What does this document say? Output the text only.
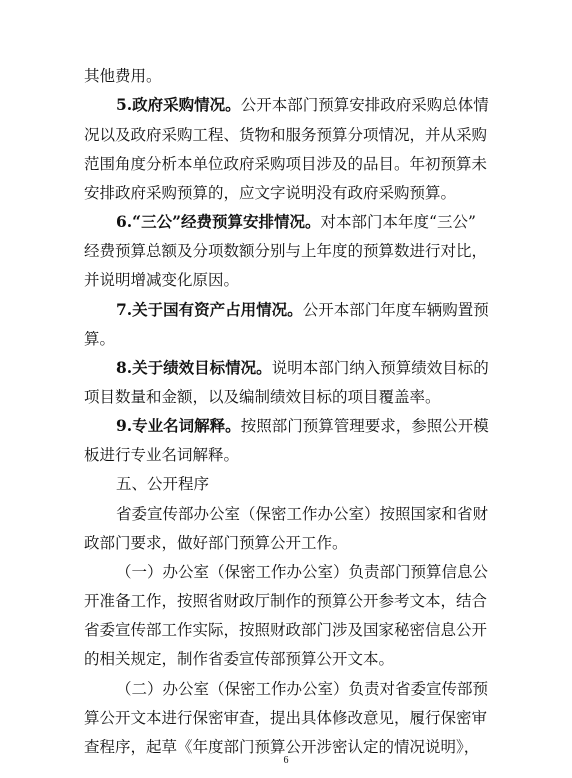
其他费用。
5.政府采购情况。公开本部门预算安排政府采购总体情
况以及政府采购工程、货物和服务预算分项情况，并从采购
范围角度分析本单位政府采购项目涉及的品目。年初预算未
安排政府采购预算的，应文字说明没有政府采购预算。
6.“三公”经费预算安排情况。对本部门本年度“三公”
经费预算总额及分项数额分别与上年度的预算数进行对比，
并说明增减变化原因。
7.关于国有资产占用情况。公开本部门年度车辆购置预
算。
8.关于绩效目标情况。说明本部门纳入预算绩效目标的
项目数量和金额，以及编制绩效目标的项目覆盖率。
9.专业名词解释。按照部门预算管理要求，参照公开模
板进行专业名词解释。
五、公开程序
省委宣传部办公室（保密工作办公室）按照国家和省财
政部门要求，做好部门预算公开工作。
（一）办公室（保密工作办公室）负责部门预算信息公
开准备工作，按照省财政厅制作的预算公开参考文本，结合
省委宣传部工作实际，按照财政部门涉及国家秘密信息公开
的相关规定，制作省委宣传部预算公开文本。
（二）办公室（保密工作办公室）负责对省委宣传部预
算公开文本进行保密审查，提出具体修改意见，履行保密审
查程序，起草《年度部门预算公开涉密认定的情况说明》，
6
